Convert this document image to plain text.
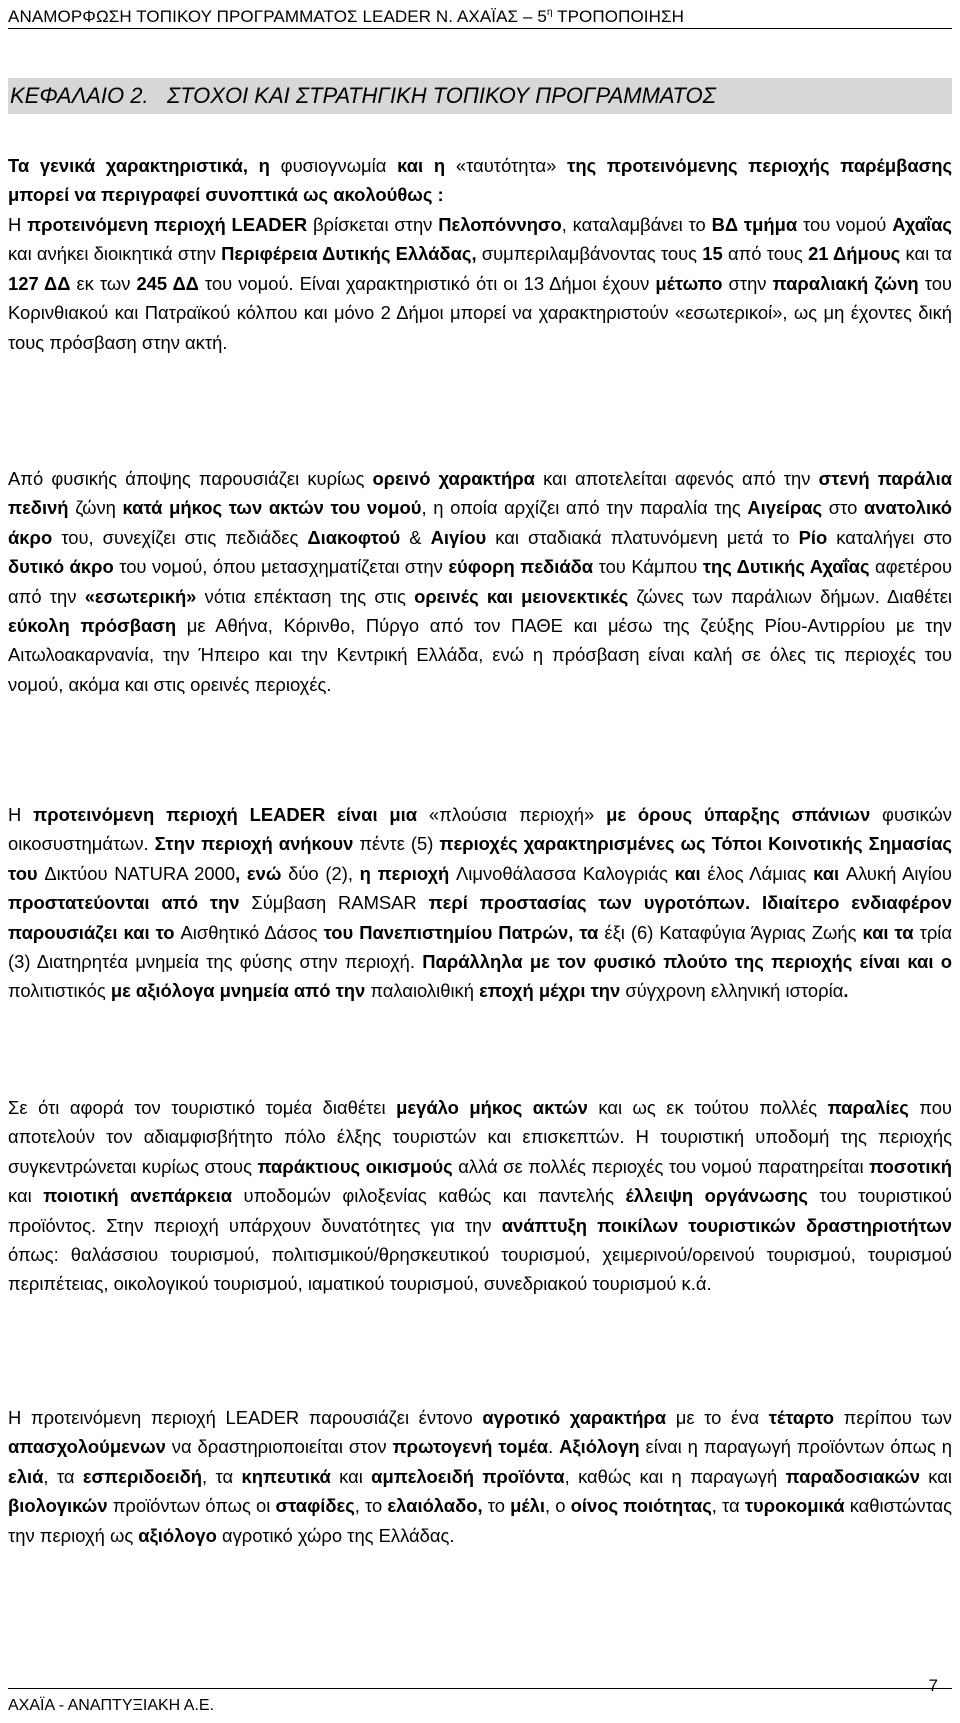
ΑΝΑΜΟΡΦΩΣΗ ΤΟΠΙΚΟΥ ΠΡΟΓΡΑΜΜΑΤΟΣ LEADER Ν. ΑΧΑΪΑΣ – $5^\eta$ ΤΡΟΠΟΠΟΙΗΣΗ
ΚΕΦΑΛΑΙΟ 2.   ΣΤΟΧΟΙ ΚΑΙ ΣΤΡΑΤΗΓΙΚΗ ΤΟΠΙΚΟΥ ΠΡΟΓΡΑΜΜΑΤΟΣ
Τα γενικά χαρακτηριστικά, η φυσιογνωμία και η «ταυτότητα» της προτεινόμενης περιοχής παρέμβασης μπορεί να περιγραφεί συνοπτικά ως ακολούθως :
Η προτεινόμενη περιοχή LEADER βρίσκεται στην Πελοπόννησο, καταλαμβάνει το ΒΔ τμήμα του νομού Αχαΐας και ανήκει διοικητικά στην Περιφέρεια Δυτικής Ελλάδας, συμπεριλαμβάνοντας τους 15 από τους 21 Δήμους και τα 127 ΔΔ εκ των 245 ΔΔ του νομού. Είναι χαρακτηριστικό ότι οι 13 Δήμοι έχουν μέτωπο στην παραλιακή ζώνη του Κορινθιακού και Πατραϊκού κόλπου και μόνο 2 Δήμοι μπορεί να χαρακτηριστούν «εσωτερικοί», ως μη έχοντες δική τους πρόσβαση στην ακτή.
Από φυσικής άποψης παρουσιάζει κυρίως ορεινό χαρακτήρα και αποτελείται αφενός από την στενή παράλια πεδινή ζώνη κατά μήκος των ακτών του νομού, η οποία αρχίζει από την παραλία της Αιγείρας στο ανατολικό άκρο του, συνεχίζει στις πεδιάδες Διακοφτού & Αιγίου και σταδιακά πλατυνόμενη μετά το Ρίο καταλήγει στο δυτικό άκρο του νομού, όπου μετασχηματίζεται στην εύφορη πεδιάδα του Κάμπου της Δυτικής Αχαΐας αφετέρου από την «εσωτερική» νότια επέκταση της στις ορεινές και μειονεκτικές ζώνες των παράλιων δήμων. Διαθέτει εύκολη πρόσβαση με Αθήνα, Κόρινθο, Πύργο από τον ΠΑΘΕ και μέσω της ζεύξης Ρίου-Αντιρρίου με την Αιτωλοακαρνανία, την Ήπειρο και την Κεντρική Ελλάδα, ενώ η πρόσβαση είναι καλή σε όλες τις περιοχές του νομού, ακόμα και στις ορεινές περιοχές.
Η προτεινόμενη περιοχή LEADER είναι μια «πλούσια περιοχή» με όρους ύπαρξης σπάνιων φυσικών οικοσυστημάτων. Στην περιοχή ανήκουν πέντε (5) περιοχές χαρακτηρισμένες ως Τόποι Κοινοτικής Σημασίας του Δικτύου NATURA 2000, ενώ δύο (2), η περιοχή Λιμνοθάλασσα Καλογριάς και έλος Λάμιας και Αλυκή Αιγίου προστατεύονται από την Σύμβαση RAMSAR περί προστασίας των υγροτόπων. Ιδιαίτερο ενδιαφέρον παρουσιάζει και το Αισθητικό Δάσος του Πανεπιστημίου Πατρών, τα έξι (6) Καταφύγια Άγριας Ζωής και τα τρία (3) Διατηρητέα μνημεία της φύσης στην περιοχή. Παράλληλα με τον φυσικό πλούτο της περιοχής είναι και ο πολιτιστικός με αξιόλογα μνημεία από την παλαιολιθική εποχή μέχρι την σύγχρονη ελληνική ιστορία.
Σε ότι αφορά τον τουριστικό τομέα διαθέτει μεγάλο μήκος ακτών και ως εκ τούτου πολλές παραλίες που αποτελούν τον αδιαμφισβήτητο πόλο έλξης τουριστών και επισκεπτών. Η τουριστική υποδομή της περιοχής συγκεντρώνεται κυρίως στους παράκτιους οικισμούς αλλά σε πολλές περιοχές του νομού παρατηρείται ποσοτική και ποιοτική ανεπάρκεια υποδομών φιλοξενίας καθώς και παντελής έλλειψη οργάνωσης του τουριστικού προϊόντος. Στην περιοχή υπάρχουν δυνατότητες για την ανάπτυξη ποικίλων τουριστικών δραστηριοτήτων όπως: θαλάσσιου τουρισμού, πολιτισμικού/θρησκευτικού τουρισμού, χειμερινού/ορεινού τουρισμού, τουρισμού περιπέτειας, οικολογικού τουρισμού, ιαματικού τουρισμού, συνεδριακού τουρισμού κ.ά.
Η προτεινόμενη περιοχή LEADER παρουσιάζει έντονο αγροτικό χαρακτήρα με το ένα τέταρτο περίπου των απασχολούμενων να δραστηριοποιείται στον πρωτογενή τομέα. Αξιόλογη είναι η παραγωγή προϊόντων όπως η ελιά, τα εσπεριδοειδή, τα κηπευτικά και αμπελοειδή προϊόντα, καθώς και η παραγωγή παραδοσιακών και βιολογικών προϊόντων όπως οι σταφίδες, το ελαιόλαδο, το μέλι, ο οίνος ποιότητας, τα τυροκομικά καθιστώντας την περιοχή ως αξιόλογο αγροτικό χώρο της Ελλάδας.
ΑΧΑΪΑ - ΑΝΑΠΤΥΞΙΑΚΗ Α.Ε.
7
